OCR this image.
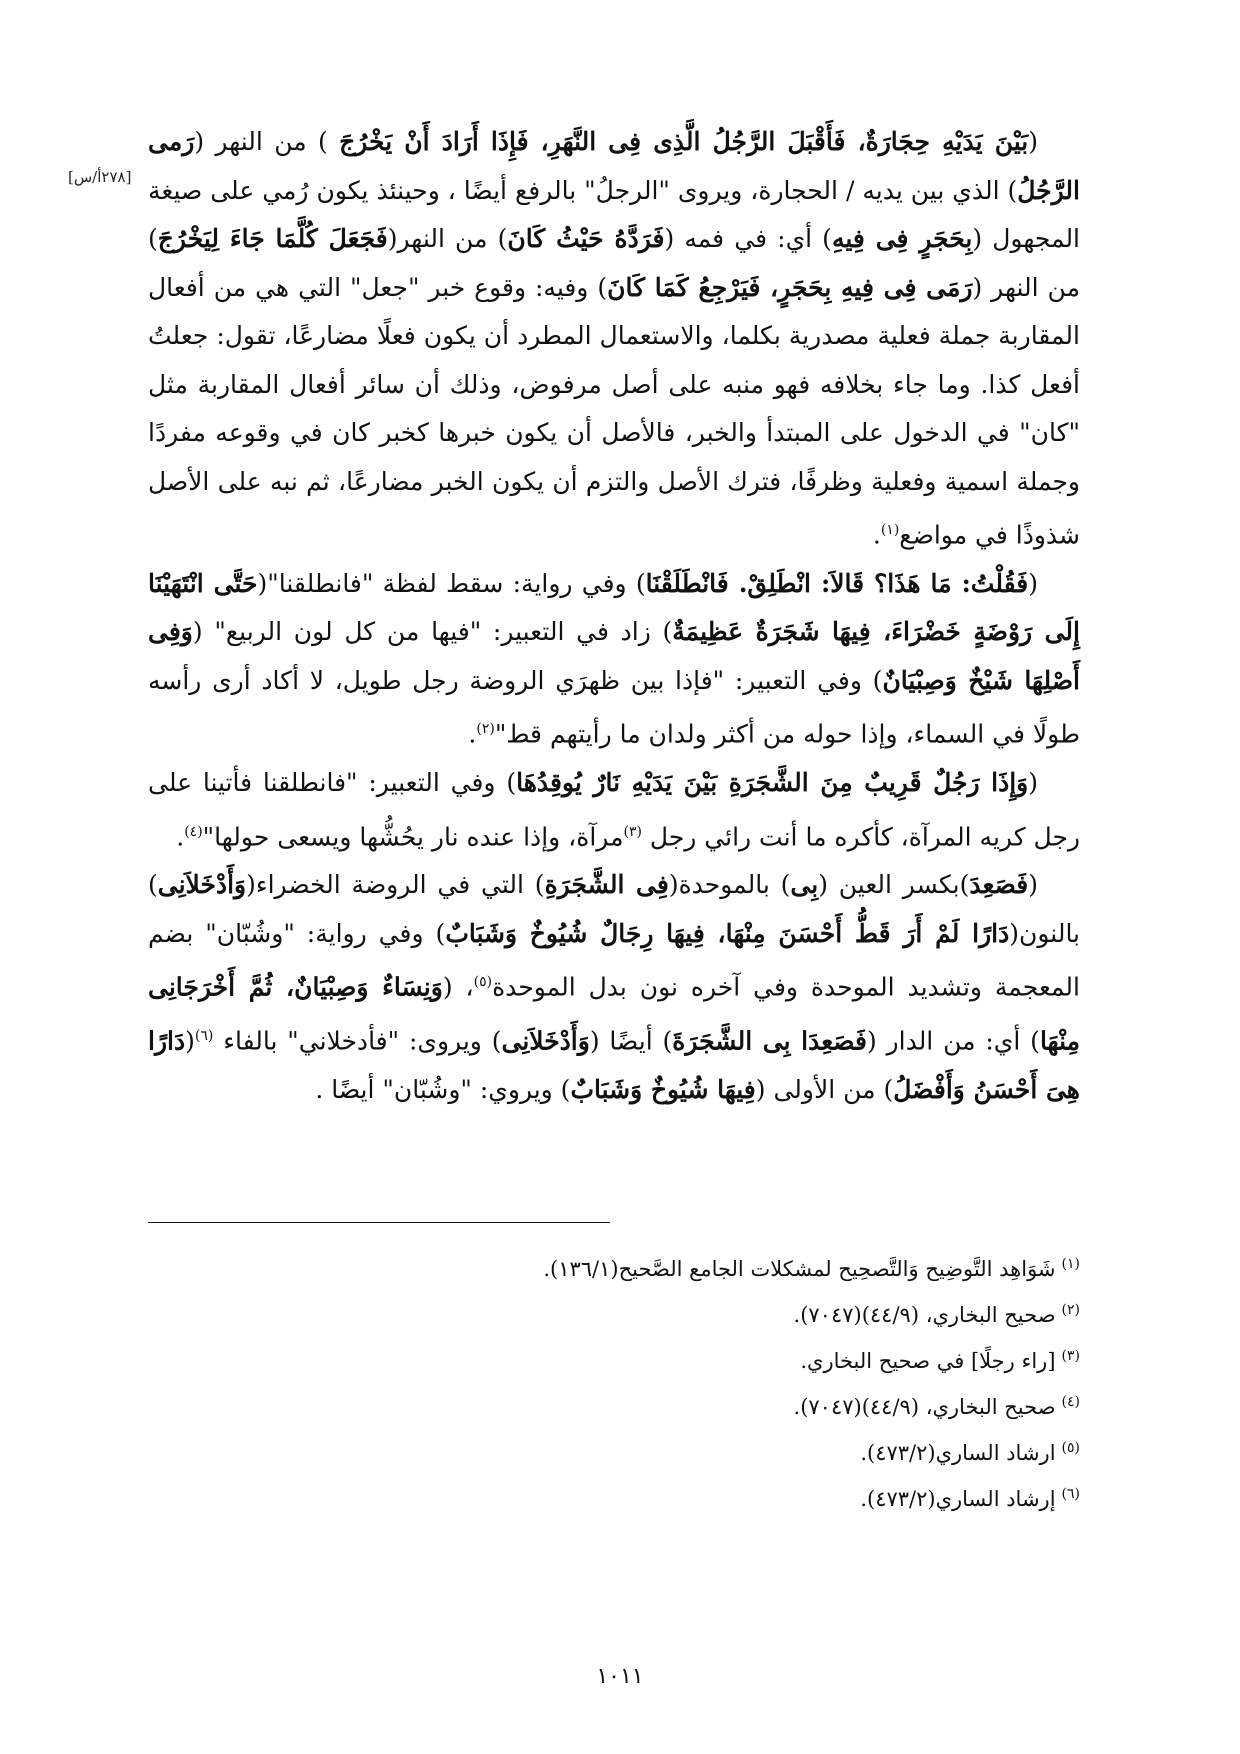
[٢٧٨أ/س]

(بَيْنَ يَدَيْهِ حِجَارَةٌ، فَأَقْبَلَ الرَّجُلُ الَّذِى فِى النَّهَرِ، فَإِذَا أَرَادَ أَنْ يَخْرُجَ ) من النهر (رَمى الرَّجُلُ) الذي بين يديه / الحجارة، ويروى "الرجلُ" بالرفع أيضًا ، وحينئذ يكون رُمي على صيغة المجهول (بِحَجَرٍ فِى فِيهِ) أي: في فمه (فَرَدَّهُ حَيْثُ كَانَ) من النهر(فَجَعَلَ كُلَّمَا جَاءَ لِيَخْرُجَ) من النهر (رَمَى فِى فِيهِ بِحَجَرٍ، فَيَرْجِعُ كَمَا كَانَ) وفيه: وقوع خبر "جعل" التي هي من أفعال المقاربة جملة فعلية مصدرية بكلما، والاستعمال المطرد أن يكون فعلًا مضارعًا، تقول: جعلتُ أفعل كذا. وما جاء بخلافه فهو منبه على أصل مرفوض، وذلك أن سائر أفعال المقاربة مثل "كان" في الدخول على المبتدأ والخبر، فالأصل أن يكون خبرها كخبر كان في وقوعه مفردًا وجملة اسمية وفعلية وظرفًا، فترك الأصل والتزم أن يكون الخبر مضارعًا، ثم نبه على الأصل شذوذًا في مواضع$^{(١)}$.

(فَقُلْتُ: مَا هَذَا؟ قَالاَ: انْطَلِقْ. فَانْطَلَقْنَا) وفي رواية: سقط لفظة "فانطلقنا"(حَتَّى انْتَهَيْنَا إِلَى رَوْضَةٍ خَضْرَاءَ، فِيهَا شَجَرَةٌ عَظِيمَةٌ) زاد في التعبير: "فيها من كل لون الربيع" (وَفِى أَصْلِهَا شَيْخٌ وَصِبْيَانٌ) وفي التعبير: "فإذا بين ظهرَي الروضة رجل طويل، لا أكاد أرى رأسه طولًا في السماء، وإذا حوله من أكثر ولدان ما رأيتهم قط"$^{(٢)}$.

(وَإِذَا رَجُلٌ قَرِيبٌ مِنَ الشَّجَرَةِ بَيْنَ يَدَيْهِ نَارٌ يُوقِدُهَا) وفي التعبير: "فانطلقنا فأتينا على رجل كريه المرآة، كأكره ما أنت رائي رجل $^{(٣)}$مرآة، وإذا عنده نار يحُشُّها ويسعى حولها"$^{(٤)}$.

(فَصَعِدَ)بكسر العين (بِى) بالموحدة(فِى الشَّجَرَةِ) التي في الروضة الخضراء(وَأَدْخَلاَنِى) بالنون(دَارًا لَمْ أَرَ قَطُّ أَحْسَنَ مِنْهَا، فِيهَا رِجَالٌ شُيُوخٌ وَشَبَابٌ) وفي رواية: "وشُبّان" بضم المعجمة وتشديد الموحدة وفي آخره نون بدل الموحدة$^{(٥)}$، (وَنِسَاءٌ وَصِبْيَانٌ، ثُمَّ أَخْرَجَانِى مِنْهَا) أي: من الدار (فَصَعِدَا بِى الشَّجَرَةَ) أيضًا (وَأَدْخَلاَنِى) ويروى: "فأدخلاني" بالفاء $^{(٦)}$(دَارًا هِىَ أَحْسَنُ وَأَفْضَلُ) من الأولى (فِيهَا شُيُوخٌ وَشَبَابٌ) ويروي: "وشُبّان" أيضًا .

$^{(١)}$شَوَاهِد التَّوضِيح وَالتَّصحِيح لمشكلات الجامع الصَّحيح(١٣٦/١).
$^{(٢)}$صحيح البخاري، (٤٤/٩)(٧٠٤٧).
$^{(٣)}$[راء رجلًا] في صحيح البخاري.
$^{(٤)}$صحيح البخاري، (٤٤/٩)(٧٠٤٧).
$^{(٥)}$ارشاد الساري(٤٧٣/٢).
$^{(٦)}$إرشاد الساري(٤٧٣/٢).
١٠١١
